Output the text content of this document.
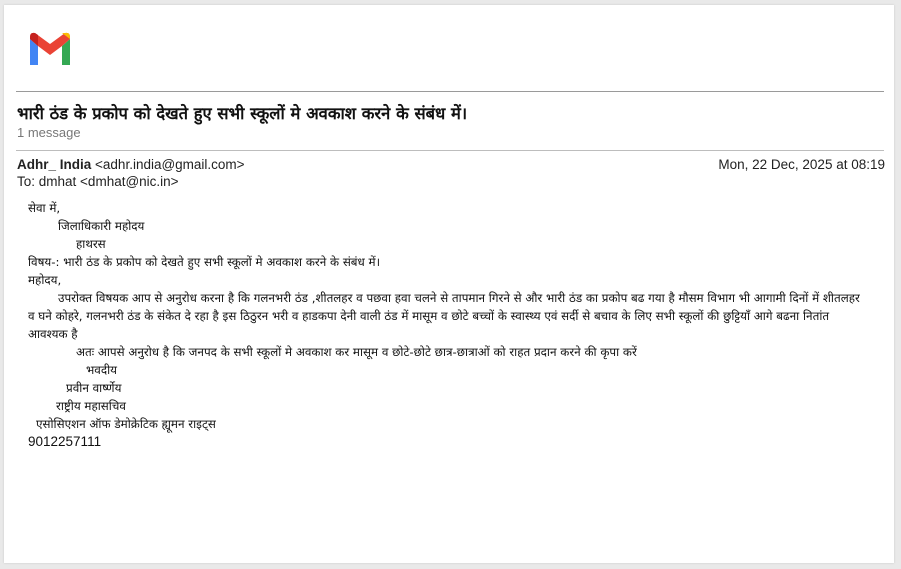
भारी ठंड के प्रकोप को देखते हुए सभी स्कूलों मे अवकाश करने के संबंध में।
1 message
Adhr_ India <adhr.india@gmail.com>	Mon, 22 Dec, 2025 at 08:19
To: dmhat <dmhat@nic.in>
सेवा में,
जिलाधिकारी महोदय
हाथरस
विषय-: भारी ठंड के प्रकोप को देखते हुए सभी स्कूलों मे अवकाश करने के संबंध में।
महोदय,
उपरोक्त विषयक आप से अनुरोध करना है कि गलनभरी ठंड ,शीतलहर व पछवा हवा चलने से तापमान गिरने से और भारी ठंड का प्रकोप बढ गया है मौसम विभाग भी आगामी दिनों में शीतलहर व घने कोहरे, गलनभरी ठंड के संकेत दे रहा है इस ठिठुरन भरी व हाडकपा देनी वाली ठंड में मासूम व छोटे बच्चों के स्वास्थ्य एवं सर्दी से बचाव के लिए सभी स्कूलों की छुट्टियाँ आगे बढना नितांत आवश्यक है
अतः आपसे अनुरोध है कि जनपद के सभी स्कूलों मे अवकाश कर मासूम व छोटे-छोटे छात्र-छात्राओं को राहत प्रदान करने की कृपा करें
भवदीय
प्रवीन वार्ष्णेय
राष्ट्रीय महासचिव
एसोसिएशन ऑफ डेमोक्रेटिक ह्यूमन राइट्स
9012257111
